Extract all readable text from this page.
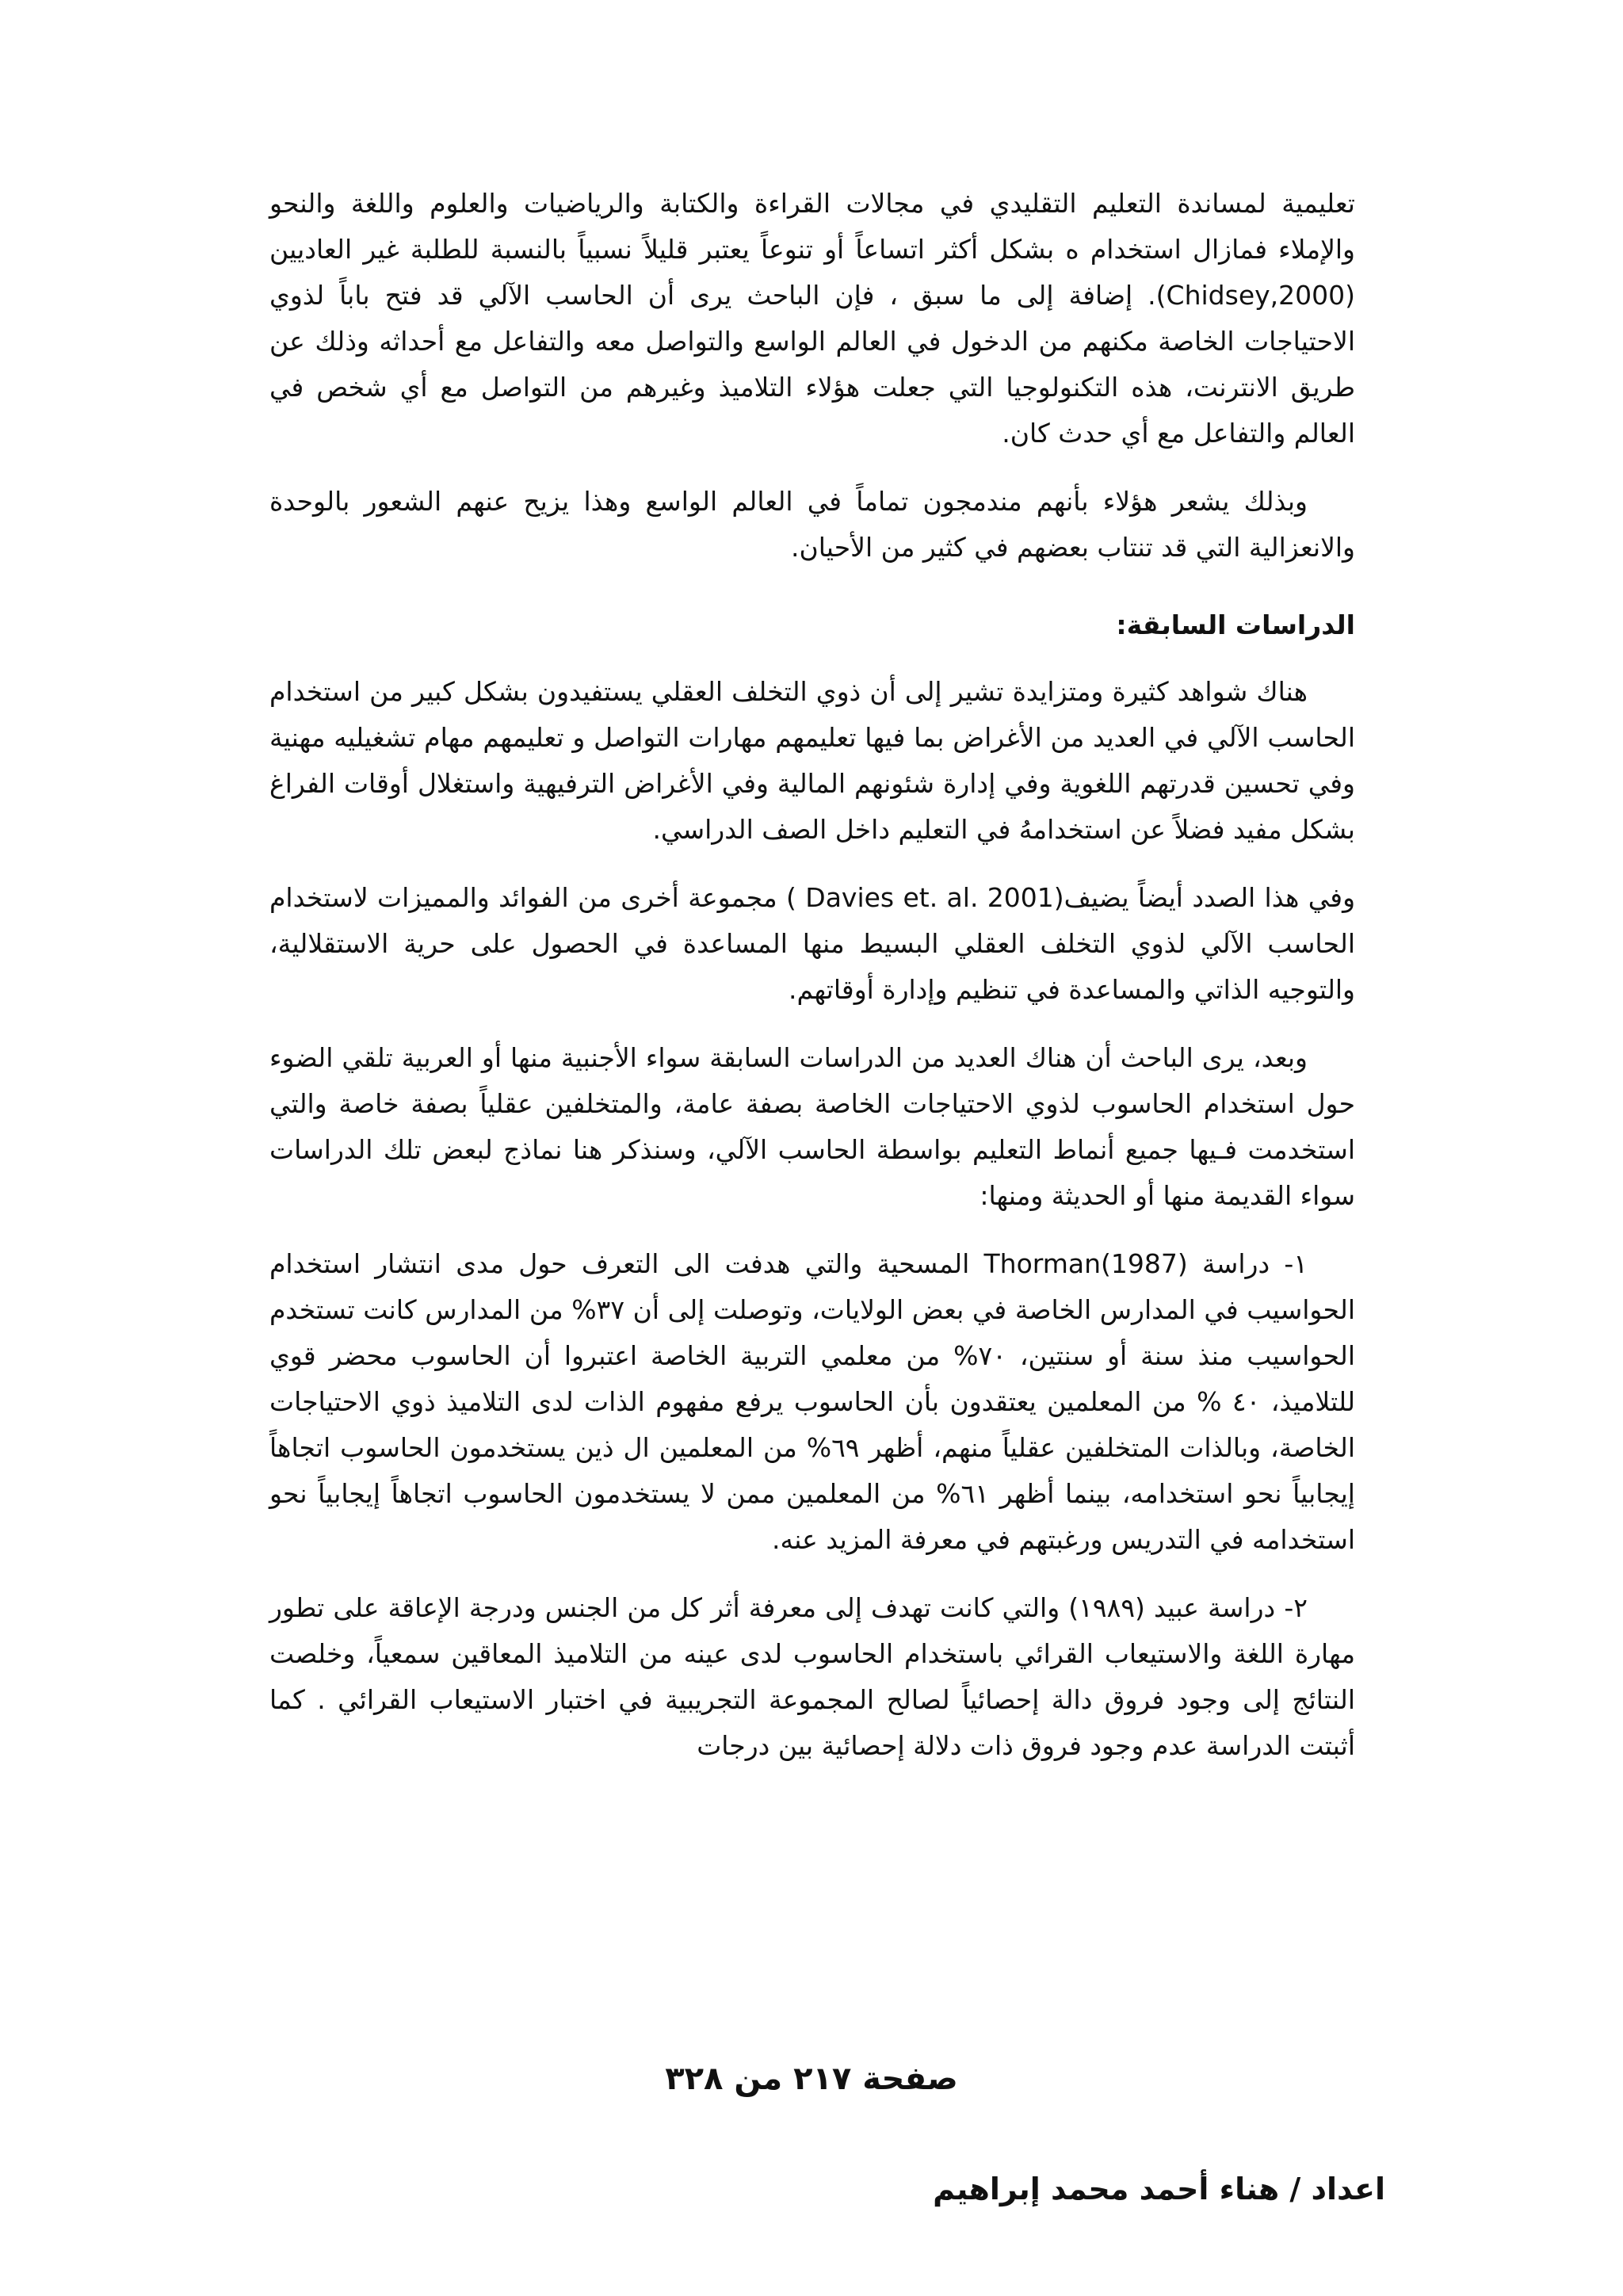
تعليمية لمساندة التعليم التقليدي في مجالات القراءة والكتابة والرياضيات والعلوم واللغة والنحو والإملاء فمازال استخدام ه بشكل أكثر اتساعاً أو تنوعاً يعتبر قليلاً نسبياً بالنسبة للطلبة غير العاديين (Chidsey,2000). إضافة إلى ما سبق ، فإن الباحث يرى أن الحاسب الآلي قد فتح باباً لذوي الاحتياجات الخاصة مكنهم من الدخول في العالم الواسع والتواصل معه والتفاعل مع أحداثه وذلك عن طريق الانترنت، هذه التكنولوجيا التي جعلت هؤلاء التلاميذ وغيرهم من التواصل مع أي شخص في العالم والتفاعل مع أي حدث كان.

وبذلك يشعر هؤلاء بأنهم مندمجون تماماً في العالم الواسع وهذا يزيح عنهم الشعور بالوحدة والانعزالية التي قد تنتاب بعضهم في كثير من الأحيان.

الدراسات السابقة:

هناك شواهد كثيرة ومتزايدة تشير إلى أن ذوي التخلف العقلي يستفيدون بشكل كبير من استخدام الحاسب الآلي في العديد من الأغراض بما فيها تعليمهم مهارات التواصل و تعليمهم مهام تشغيليه مهنية وفي تحسين قدرتهم اللغوية وفي إدارة شئونهم المالية وفي الأغراض الترفيهية واستغلال أوقات الفراغ بشكل مفيد فضلاً عن استخدامهُ في التعليم داخل الصف الدراسي.

وفي هذا الصدد أيضاً يضيف(Davies et. al. 2001 ) مجموعة أخرى من الفوائد والمميزات لاستخدام الحاسب الآلي لذوي التخلف العقلي البسيط منها المساعدة في الحصول على حرية الاستقلالية، والتوجيه الذاتي والمساعدة في تنظيم وإدارة أوقاتهم.

وبعد، يرى الباحث أن هناك العديد من الدراسات السابقة سواء الأجنبية منها أو العربية تلقي الضوء حول استخدام الحاسوب لذوي الاحتياجات الخاصة بصفة عامة، والمتخلفين عقلياً بصفة خاصة والتي استخدمت فـيها جميع أنماط التعليم بواسطة الحاسب الآلي، وسنذكر هنا نماذج لبعض تلك الدراسات سواء القديمة منها أو الحديثة ومنها:

١- دراسة Thorman(1987) المسحية والتي هدفت الى التعرف حول مدى انتشار استخدام الحواسيب في المدارس الخاصة في بعض الولايات، وتوصلت إلى أن ٣٧% من المدارس كانت تستخدم الحواسيب منذ سنة أو سنتين، ٧٠% من معلمي التربية الخاصة اعتبروا أن الحاسوب محضر قوي للتلاميذ، ٤٠ % من المعلمين يعتقدون بأن الحاسوب يرفع مفهوم الذات لدى التلاميذ ذوي الاحتياجات الخاصة، وبالذات المتخلفين عقلياً منهم، أظهر ٦٩% من المعلمين ال ذين يستخدمون الحاسوب اتجاهاً إيجابياً نحو استخدامه، بينما أظهر ٦١% من المعلمين ممن لا يستخدمون الحاسوب اتجاهاً إيجابياً نحو استخدامه في التدريس ورغبتهم في معرفة المزيد عنه.

٢- دراسة عبيد (١٩٨٩) والتي كانت تهدف إلى معرفة أثر كل من الجنس ودرجة الإعاقة على تطور مهارة اللغة والاستيعاب القرائي باستخدام الحاسوب لدى عينه من التلاميذ المعاقين سمعياً، وخلصت النتائج إلى وجود فروق دالة إحصائياً لصالح المجموعة التجريبية في اختبار الاستيعاب القرائي . كما أثبتت الدراسة عدم وجود فروق ذات دلالة إحصائية بين درجات

صفحة ٢١٧ من ٣٢٨
اعداد / هناء أحمد محمد إبراهيم
